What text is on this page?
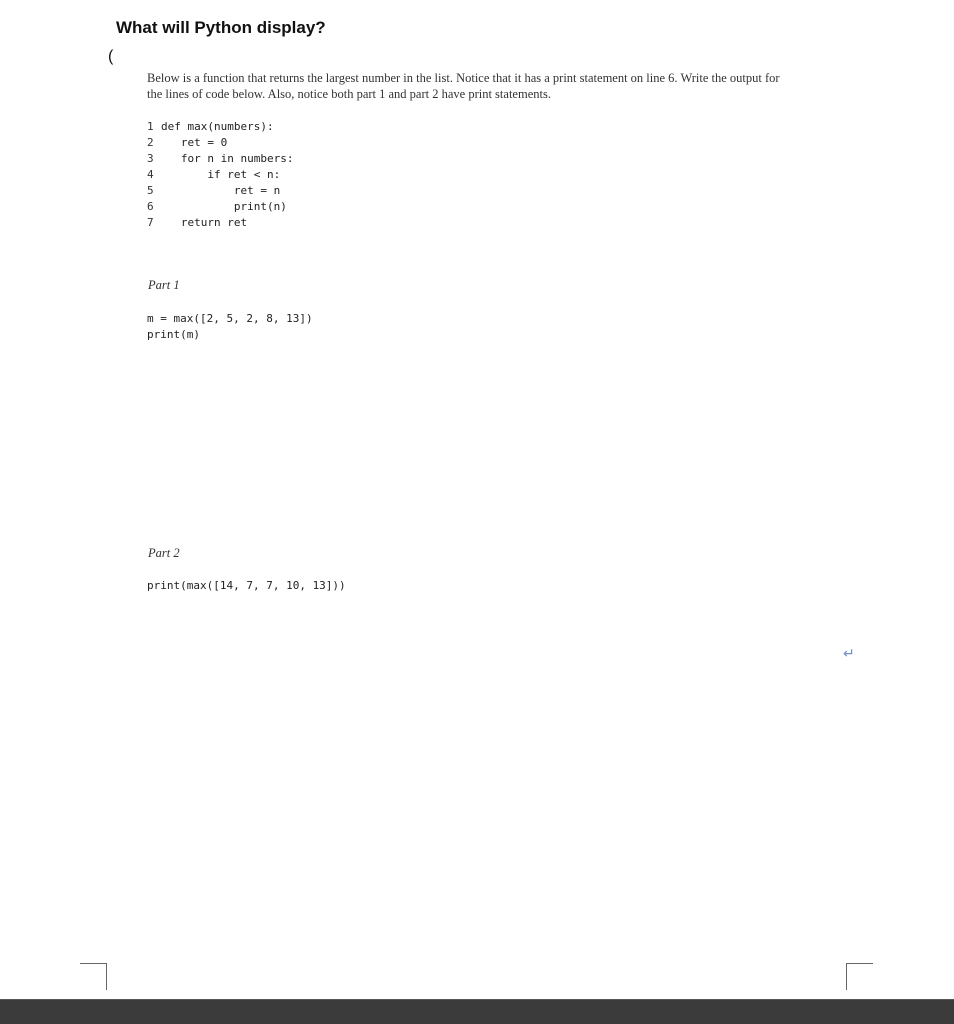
What will Python display?
(
Below is a function that returns the largest number in the list. Notice that it has a print statement on line 6. Write the output for the lines of code below. Also, notice both part 1 and part 2 have print statements.
1 def max(numbers):
2 ret = 0
3 for n in numbers:
4 if ret < n:
5 ret = n
6 print(n)
7 return ret
Part 1
m = max([2, 5, 2, 8, 13])
print(m)
Part 2
print(max([14, 7, 7, 10, 13]))
↵
